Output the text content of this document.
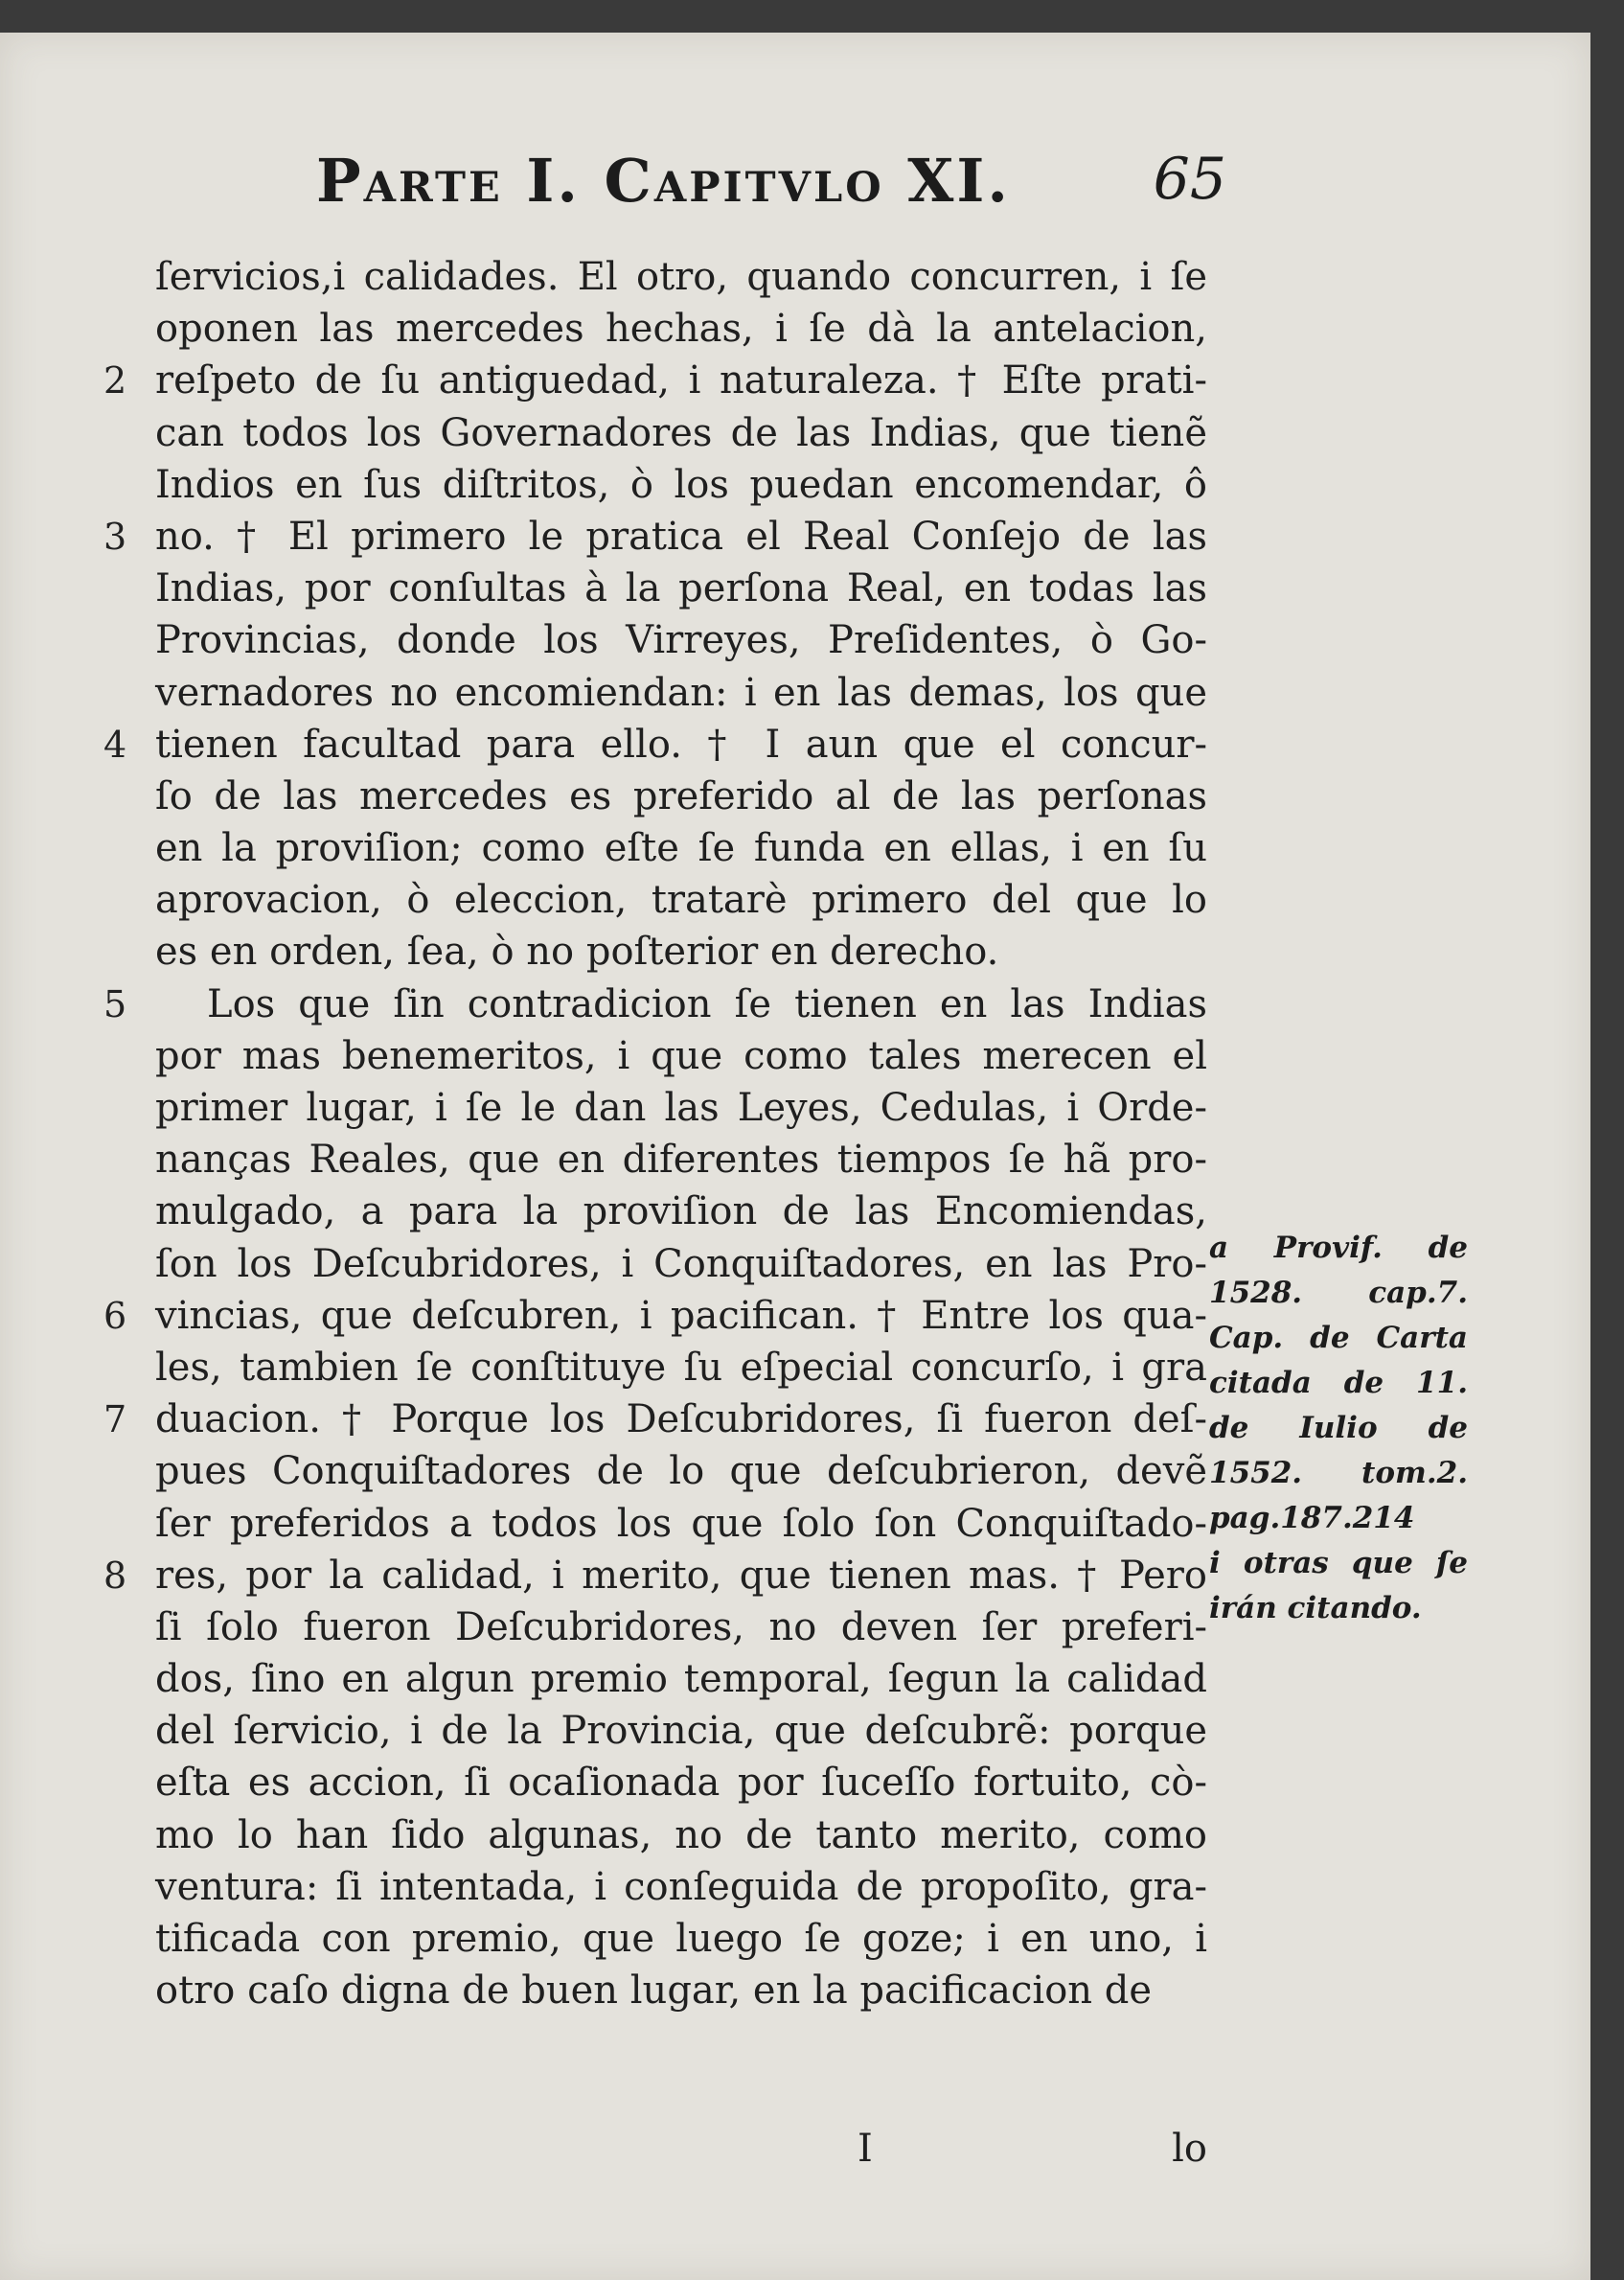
Parte I. Capitvlo XI. 65
ſervicios,i calidades. El otro, quando concurren, i ſe
oponen las mercedes hechas, i ſe dà la antelacion,
2 reſpeto de ſu antiguedad, i naturaleza. † Eſte prati-
can todos los Governadores de las Indias, que tienẽ
Indios en ſus diſtritos, ò los puedan encomendar, ô
3 no. † El primero le pratica el Real Conſejo de las
Indias, por conſultas à la perſona Real, en todas las
Provincias, donde los Virreyes, Preſidentes, ò Go-
vernadores no encomiendan: i en las demas, los que
4 tienen facultad para ello. † I aun que el concur-
ſo de las mercedes es preferido al de las perſonas
en la proviſion; como eſte ſe funda en ellas, i en ſu
aprovacion, ò eleccion, tratarè primero del que lo
es en orden, ſea, ò no poſterior en derecho.
5	Los que ſin contradicion ſe tienen en las Indias
por mas benemeritos, i que como tales merecen el
primer lugar, i ſe le dan las Leyes, Cedulas, i Orde-
nanças Reales, que en diferentes tiempos ſe hã pro-
mulgado, a para la proviſion de las Encomiendas,
ſon los Deſcubridores, i Conquiſtadores, en las Pro-
6 vincias, que deſcubren, i pacifican. † Entre los qua-
les, tambien ſe conſtituye ſu eſpecial concurſo, i gra
7 duacion. † Porque los Deſcubridores, ſi fueron deſ-
pues Conquiſtadores de lo que deſcubrieron, devẽ
ſer preferidos a todos los que ſolo ſon Conquiſtado-
8 res, por la calidad, i merito, que tienen mas. † Pero
ſi ſolo fueron Deſcubridores, no deven ſer preferi-
dos, ſino en algun premio temporal, ſegun la calidad
del ſervicio, i de la Provincia, que deſcubrẽ: porque
eſta es accion, ſi ocaſionada por ſuceſſo fortuito, cò-
mo lo han ſido algunas, no de tanto merito, como
ventura: ſi intentada, i conſeguida de propoſito, gra-
tificada con premio, que luego ſe goze; i en uno, i
otro caſo digna de buen lugar, en la pacificacion de
a Provif. de
1528. cap.7.
Cap. de Carta
citada de 11.
de Iulio de
1552. tom.2.
pag.187.214
i otras que ſe
irán citando.
I	lo
